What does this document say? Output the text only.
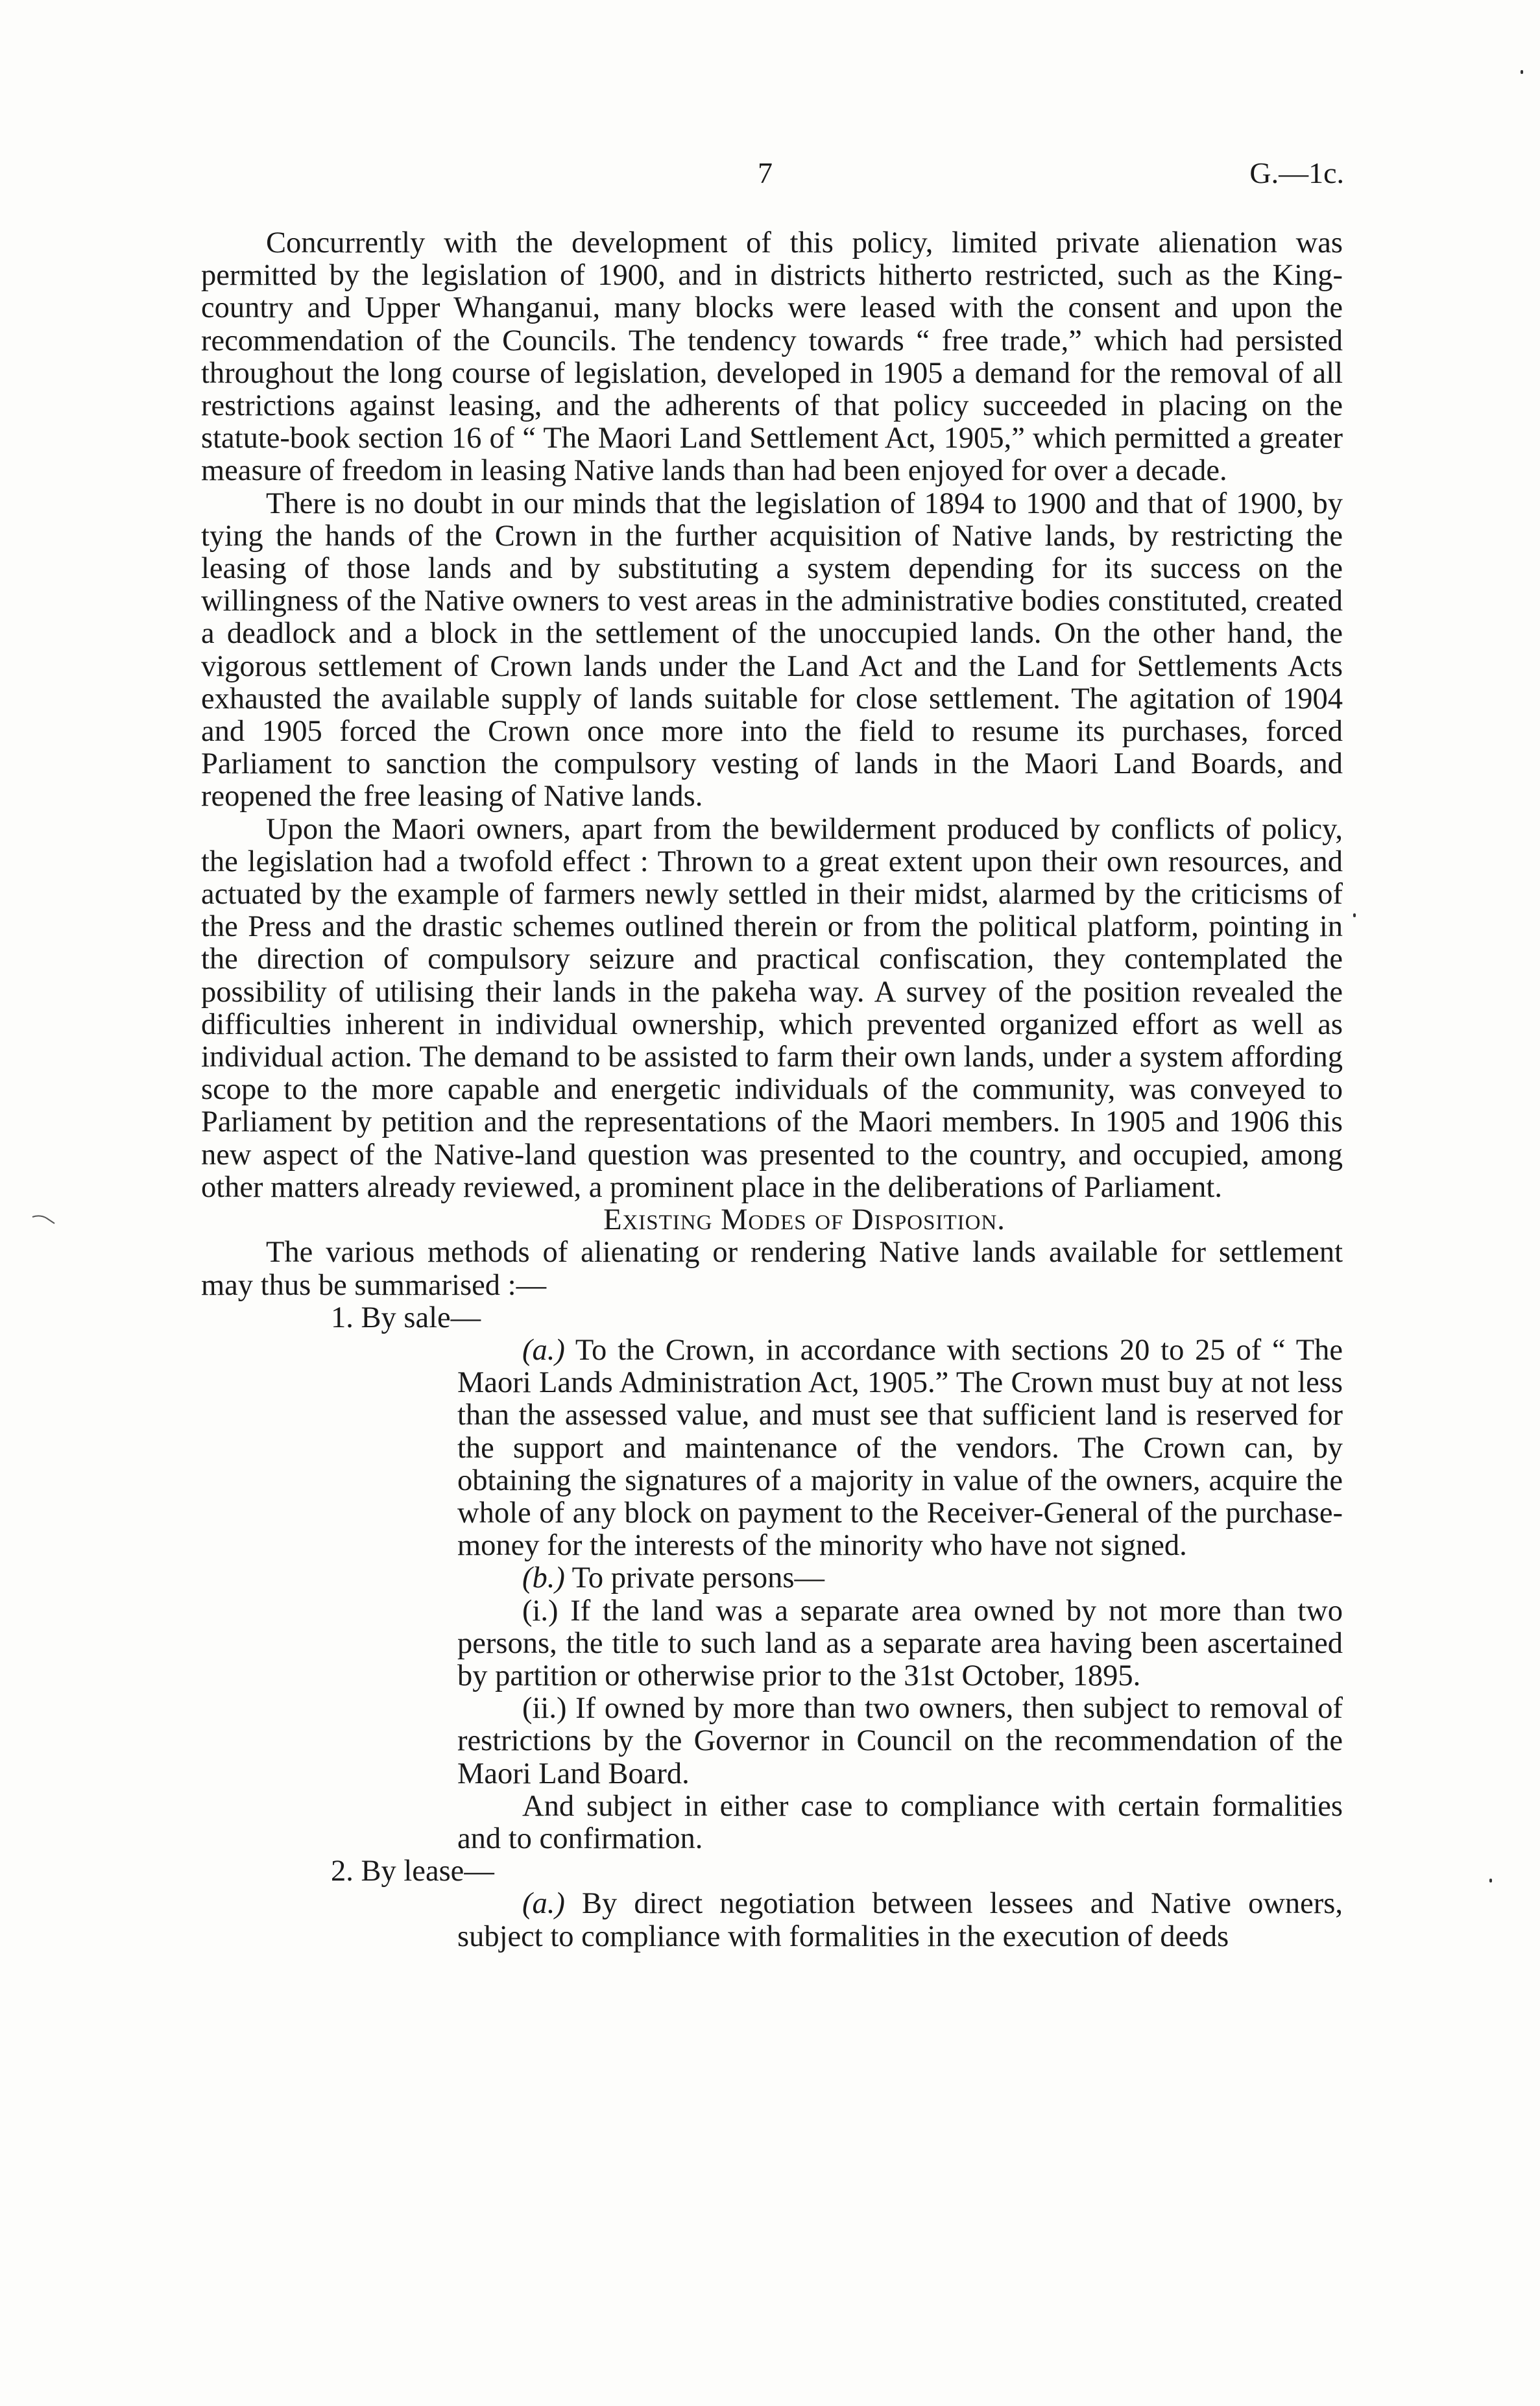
7	G.—1c.

Concurrently with the development of this policy, limited private alienation was permitted by the legislation of 1900, and in districts hitherto restricted, such as the King-country and Upper Whanganui, many blocks were leased with the consent and upon the recommendation of the Councils. The tendency towards “ free trade,” which had persisted throughout the long course of legislation, developed in 1905 a demand for the removal of all restrictions against leasing, and the adherents of that policy succeeded in placing on the statute-book section 16 of “ The Maori Land Settlement Act, 1905,” which permitted a greater measure of freedom in leasing Native lands than had been enjoyed for over a decade.

There is no doubt in our minds that the legislation of 1894 to 1900 and that of 1900, by tying the hands of the Crown in the further acquisition of Native lands, by restricting the leasing of those lands and by substituting a system depending for its success on the willingness of the Native owners to vest areas in the administrative bodies constituted, created a deadlock and a block in the settlement of the unoccupied lands. On the other hand, the vigorous settlement of Crown lands under the Land Act and the Land for Settlements Acts exhausted the available supply of lands suitable for close settlement. The agitation of 1904 and 1905 forced the Crown once more into the field to resume its purchases, forced Parliament to sanction the compulsory vesting of lands in the Maori Land Boards, and reopened the free leasing of Native lands.

Upon the Maori owners, apart from the bewilderment produced by conflicts of policy, the legislation had a twofold effect : Thrown to a great extent upon their own resources, and actuated by the example of farmers newly settled in their midst, alarmed by the criticisms of the Press and the drastic schemes outlined therein or from the political platform, pointing in the direction of compulsory seizure and practical confiscation, they contemplated the possibility of utilising their lands in the pakeha way. A survey of the position revealed the difficulties inherent in individual ownership, which prevented organized effort as well as individual action. The demand to be assisted to farm their own lands, under a system affording scope to the more capable and energetic individuals of the community, was conveyed to Parliament by petition and the representations of the Maori members. In 1905 and 1906 this new aspect of the Native-land question was presented to the country, and occupied, among other matters already reviewed, a prominent place in the deliberations of Parliament.

Existing Modes of Disposition.

The various methods of alienating or rendering Native lands available for settlement may thus be summarised :—

1. By sale—

(a.) To the Crown, in accordance with sections 20 to 25 of “ The Maori Lands Administration Act, 1905.” The Crown must buy at not less than the assessed value, and must see that sufficient land is reserved for the support and maintenance of the vendors. The Crown can, by obtaining the signatures of a majority in value of the owners, acquire the whole of any block on payment to the Receiver-General of the purchase-money for the interests of the minority who have not signed.

(b.) To private persons—

(i.) If the land was a separate area owned by not more than two persons, the title to such land as a separate area having been ascertained by partition or otherwise prior to the 31st October, 1895.

(ii.) If owned by more than two owners, then subject to removal of restrictions by the Governor in Council on the recommendation of the Maori Land Board.

And subject in either case to compliance with certain formalities and to confirmation.

2. By lease—

(a.) By direct negotiation between lessees and Native owners, subject to compliance with formalities in the execution of deeds
